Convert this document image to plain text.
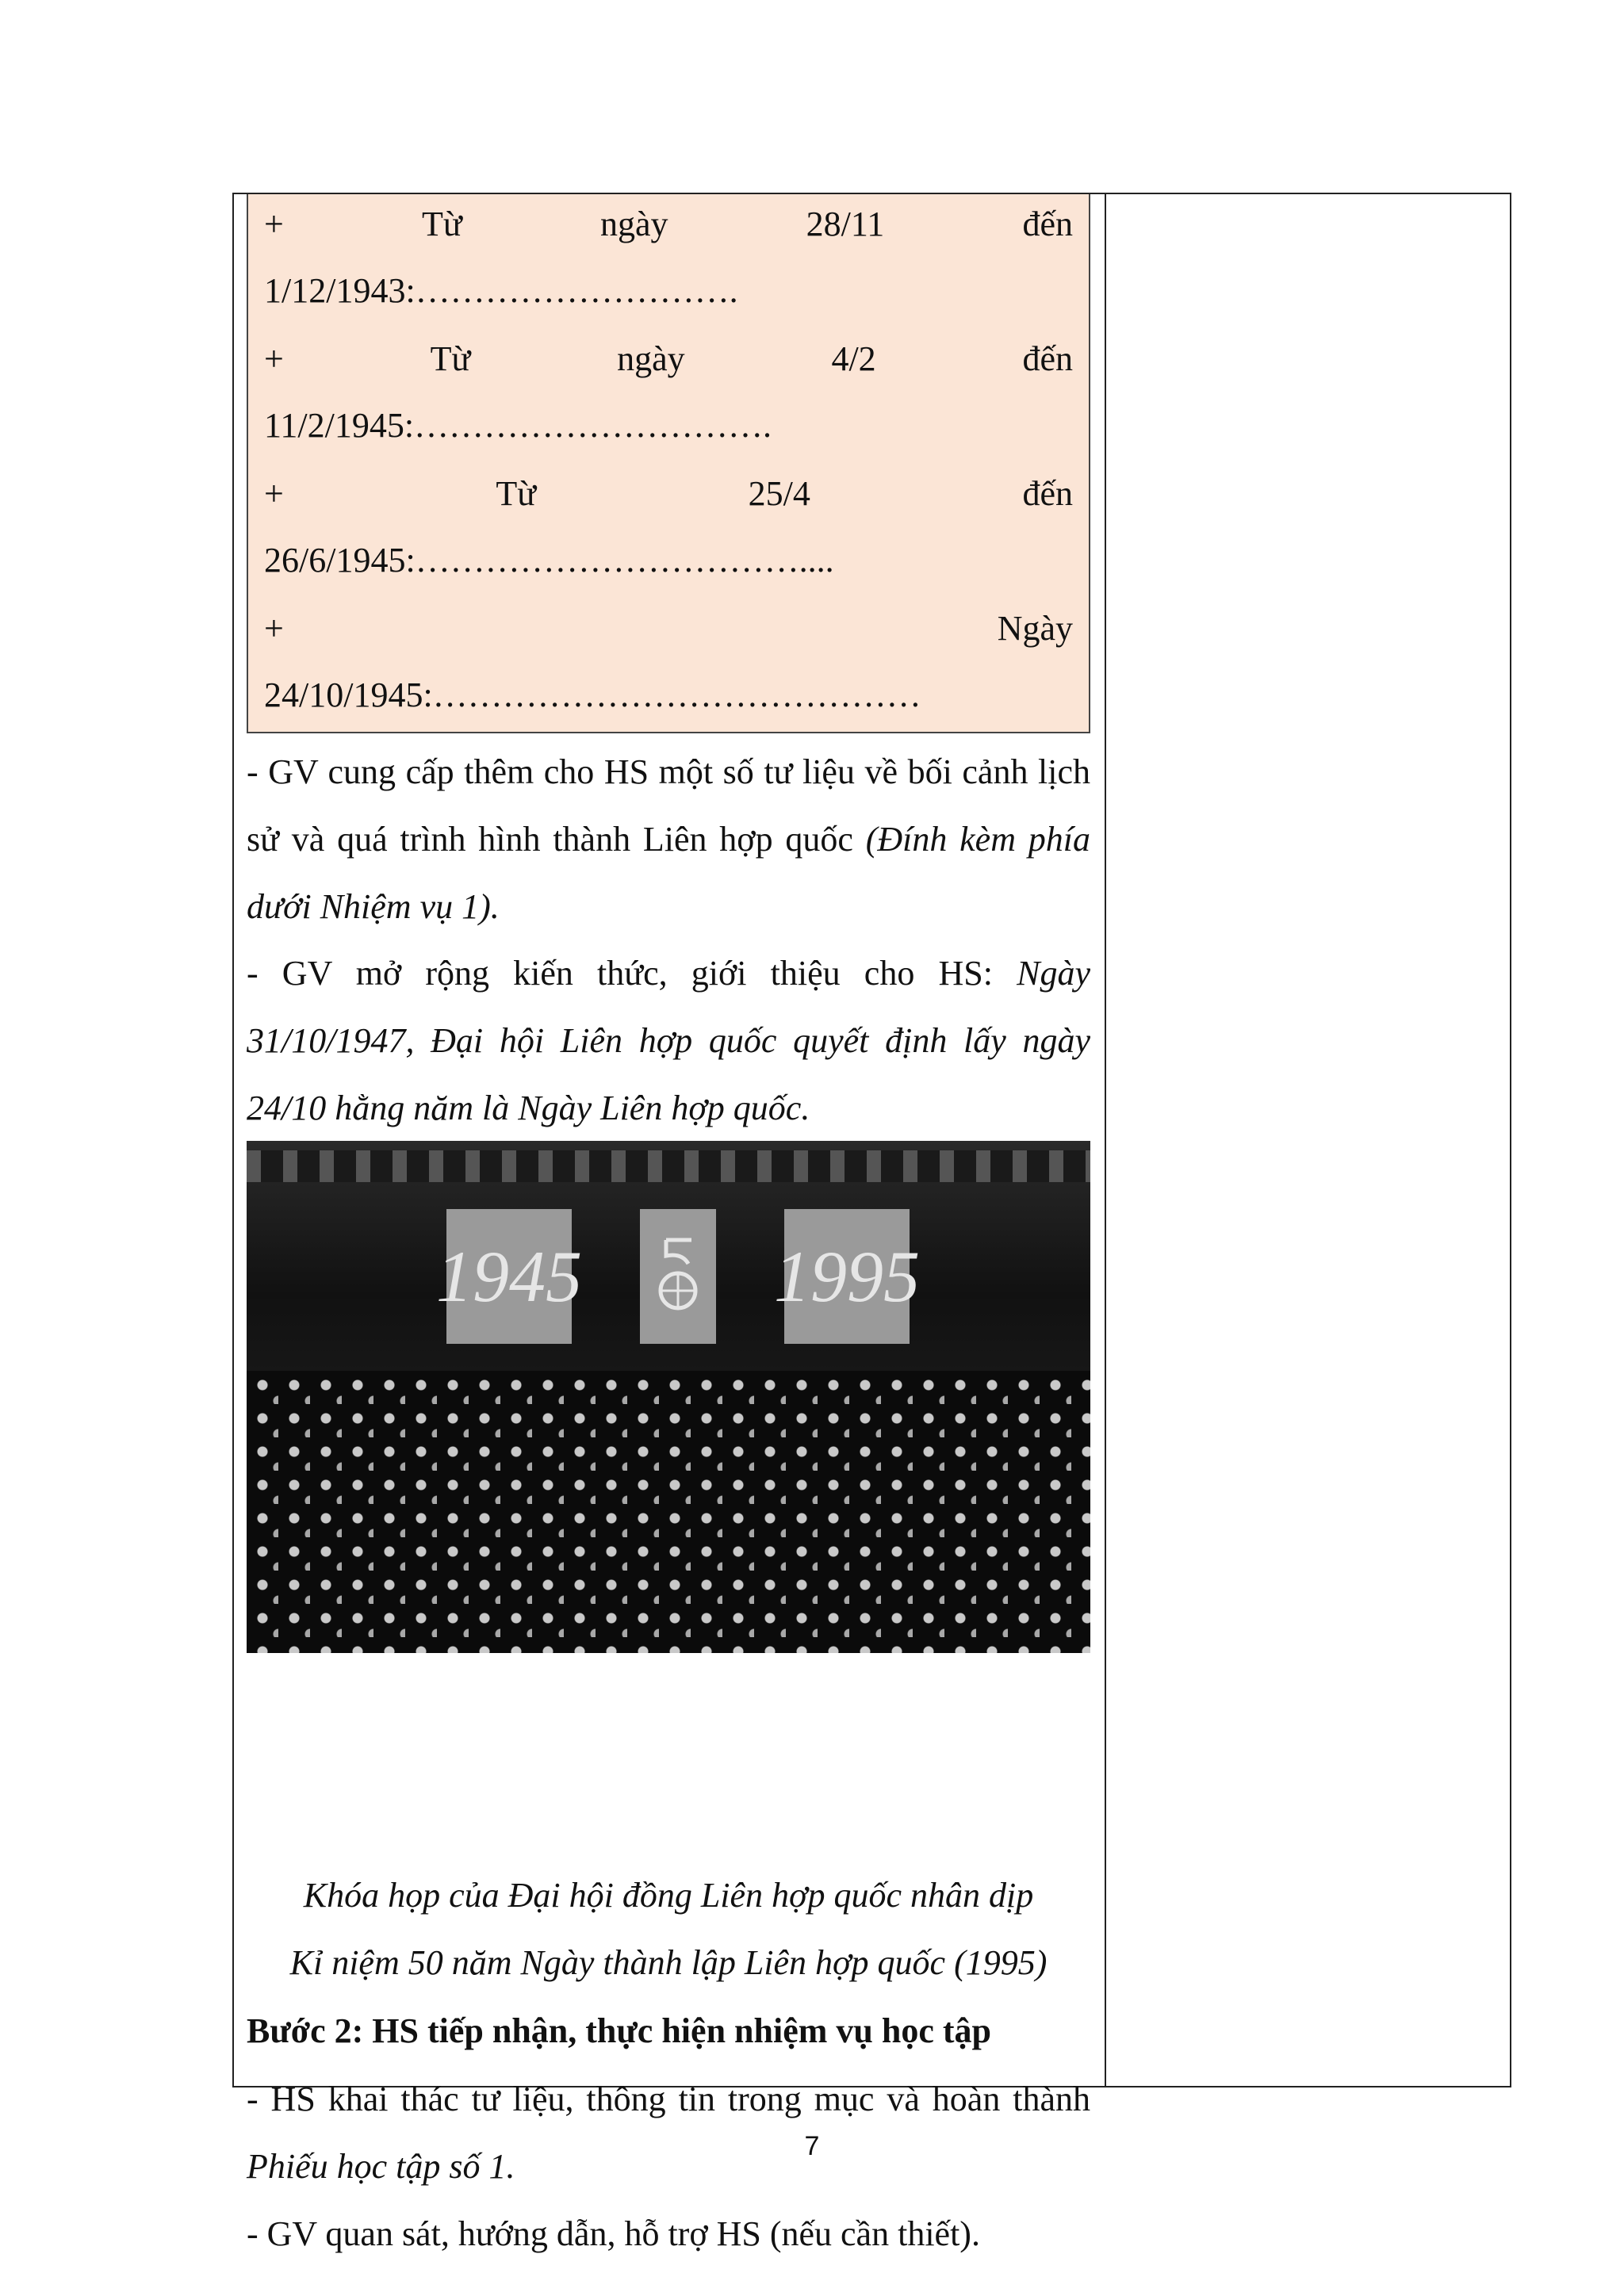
+	Từ	ngày	28/11	đến
1/12/1943:……………………….
+	Từ	ngày	4/2	đến
11/2/1945:………………………….
+	Từ	25/4	đến
26/6/1945:……………………………....
+	Ngày
24/10/1945:……………………………………
- GV cung cấp thêm cho HS một số tư liệu về bối cảnh lịch sử và quá trình hình thành Liên hợp quốc (Đính kèm phía dưới Nhiệm vụ 1).
- GV mở rộng kiến thức, giới thiệu cho HS: Ngày 31/10/1947, Đại hội Liên hợp quốc quyết định lấy ngày 24/10 hằng năm là Ngày Liên hợp quốc.
1945	1995
Khóa họp của Đại hội đồng Liên hợp quốc nhân dịp
Kỉ niệm 50 năm Ngày thành lập Liên hợp quốc (1995)
Bước 2: HS tiếp nhận, thực hiện nhiệm vụ học tập
- HS khai thác tư liệu, thông tin trong mục và hoàn thành Phiếu học tập số 1.
- GV quan sát, hướng dẫn, hỗ trợ HS (nếu cần thiết).
7
